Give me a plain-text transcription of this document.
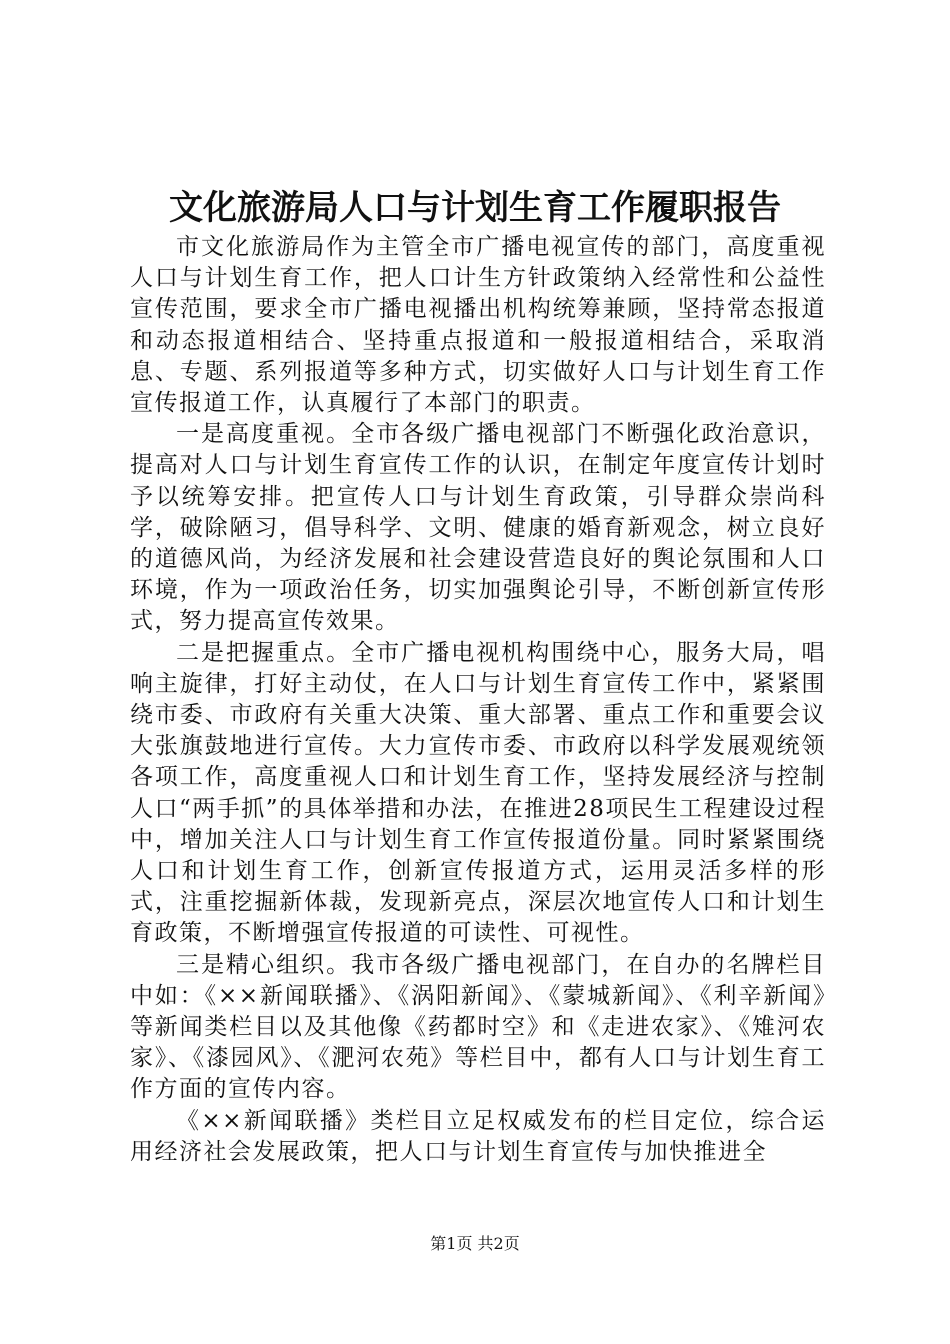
文化旅游局人口与计划生育工作履职报告

市文化旅游局作为主管全市广播电视宣传的部门，高度重视人口与计划生育工作，把人口计生方针政策纳入经常性和公益性宣传范围，要求全市广播电视播出机构统筹兼顾，坚持常态报道和动态报道相结合、坚持重点报道和一般报道相结合，采取消息、专题、系列报道等多种方式，切实做好人口与计划生育工作宣传报道工作，认真履行了本部门的职责。

一是高度重视。全市各级广播电视部门不断强化政治意识，提高对人口与计划生育宣传工作的认识，在制定年度宣传计划时予以统筹安排。把宣传人口与计划生育政策，引导群众崇尚科学，破除陋习，倡导科学、文明、健康的婚育新观念，树立良好的道德风尚，为经济发展和社会建设营造良好的舆论氛围和人口环境，作为一项政治任务，切实加强舆论引导，不断创新宣传形式，努力提高宣传效果。

二是把握重点。全市广播电视机构围绕中心，服务大局，唱响主旋律，打好主动仗，在人口与计划生育宣传工作中，紧紧围绕市委、市政府有关重大决策、重大部署、重点工作和重要会议大张旗鼓地进行宣传。大力宣传市委、市政府以科学发展观统领各项工作，高度重视人口和计划生育工作，坚持发展经济与控制人口“两手抓”的具体举措和办法，在推进28项民生工程建设过程中，增加关注人口与计划生育工作宣传报道份量。同时紧紧围绕人口和计划生育工作，创新宣传报道方式，运用灵活多样的形式，注重挖掘新体裁，发现新亮点，深层次地宣传人口和计划生育政策，不断增强宣传报道的可读性、可视性。

三是精心组织。我市各级广播电视部门，在自办的名牌栏目中如：《××新闻联播》、《涡阳新闻》、《蒙城新闻》、《利辛新闻》等新闻类栏目以及其他像《药都时空》和《走进农家》、《雉河农家》、《漆园风》、《淝河农苑》等栏目中，都有人口与计划生育工作方面的宣传内容。

《××新闻联播》类栏目立足权威发布的栏目定位，综合运用经济社会发展政策，把人口与计划生育宣传与加快推进全

第1页 共2页
